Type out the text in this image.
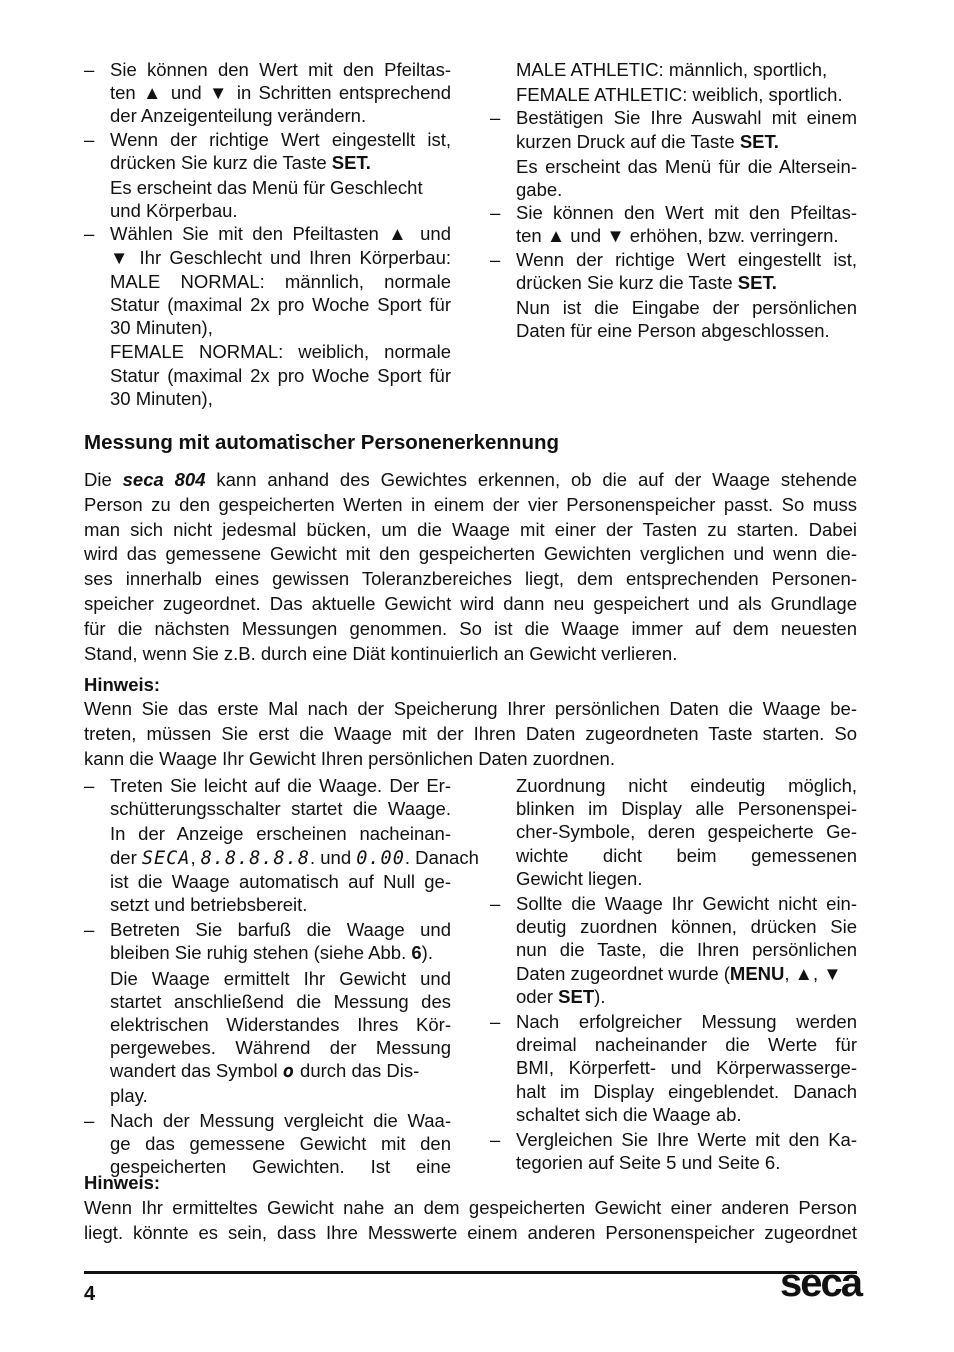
– Sie können den Wert mit den Pfeiltas-
ten ▲ und ▼ in Schritten entsprechend
der Anzeigenteilung verändern.
– Wenn der richtige Wert eingestellt ist,
drücken Sie kurz die Taste SET.
Es erscheint das Menü für Geschlecht
und Körperbau.
– Wählen Sie mit den Pfeiltasten ▲ und
▼ Ihr Geschlecht und Ihren Körperbau:
MALE NORMAL: männlich, normale
Statur (maximal 2x pro Woche Sport für
30 Minuten),
FEMALE NORMAL: weiblich, normale
Statur (maximal 2x pro Woche Sport für
30 Minuten),
MALE ATHLETIC: männlich, sportlich,
FEMALE ATHLETIC: weiblich, sportlich.
– Bestätigen Sie Ihre Auswahl mit einem
kurzen Druck auf die Taste SET.
Es erscheint das Menü für die Altersein-
gabe.
– Sie können den Wert mit den Pfeiltas-
ten ▲ und ▼ erhöhen, bzw. verringern.
– Wenn der richtige Wert eingestellt ist,
drücken Sie kurz die Taste SET.
Nun ist die Eingabe der persönlichen
Daten für eine Person abgeschlossen.
Messung mit automatischer Personenerkennung
Die seca 804 kann anhand des Gewichtes erkennen, ob die auf der Waage stehende
Person zu den gespeicherten Werten in einem der vier Personenspeicher passt. So muss
man sich nicht jedesmal bücken, um die Waage mit einer der Tasten zu starten. Dabei
wird das gemessene Gewicht mit den gespeicherten Gewichten verglichen und wenn die-
ses innerhalb eines gewissen Toleranzbereiches liegt, dem entsprechenden Personen-
speicher zugeordnet. Das aktuelle Gewicht wird dann neu gespeichert und als Grundlage
für die nächsten Messungen genommen. So ist die Waage immer auf dem neuesten
Stand, wenn Sie z.B. durch eine Diät kontinuierlich an Gewicht verlieren.
Hinweis:
Wenn Sie das erste Mal nach der Speicherung Ihrer persönlichen Daten die Waage be-
treten, müssen Sie erst die Waage mit der Ihren Daten zugeordneten Taste starten. So
kann die Waage Ihr Gewicht Ihren persönlichen Daten zuordnen.
– Treten Sie leicht auf die Waage. Der Er-
schütterungsschalter startet die Waage.
In der Anzeige erscheinen nacheinan-
der SECA, 8.8.8.8.8. und 0.00. Danach
ist die Waage automatisch auf Null ge-
setzt und betriebsbereit.
– Betreten Sie barfuß die Waage und
bleiben Sie ruhig stehen (siehe Abb. 6).
Die Waage ermittelt Ihr Gewicht und
startet anschließend die Messung des
elektrischen Widerstandes Ihres Kör-
pergewebes. Während der Messung
wandert das Symbol o durch das Dis-
play.
– Nach der Messung vergleicht die Waa-
ge das gemessene Gewicht mit den
gespeicherten Gewichten. Ist eine
Zuordnung nicht eindeutig möglich,
blinken im Display alle Personenspei-
cher-Symbole, deren gespeicherte Ge-
wichte dicht beim gemessenen
Gewicht liegen.
– Sollte die Waage Ihr Gewicht nicht ein-
deutig zuordnen können, drücken Sie
nun die Taste, die Ihren persönlichen
Daten zugeordnet wurde (MENU, ▲, ▼
oder SET).
– Nach erfolgreicher Messung werden
dreimal nacheinander die Werte für
BMI, Körperfett- und Körperwasserge-
halt im Display eingeblendet. Danach
schaltet sich die Waage ab.
– Vergleichen Sie Ihre Werte mit den Ka-
tegorien auf Seite 5 und Seite 6.
Hinweis:
Wenn Ihr ermitteltes Gewicht nahe an dem gespeicherten Gewicht einer anderen Person
liegt. könnte es sein, dass Ihre Messwerte einem anderen Personenspeicher zugeordnet
4	seca
